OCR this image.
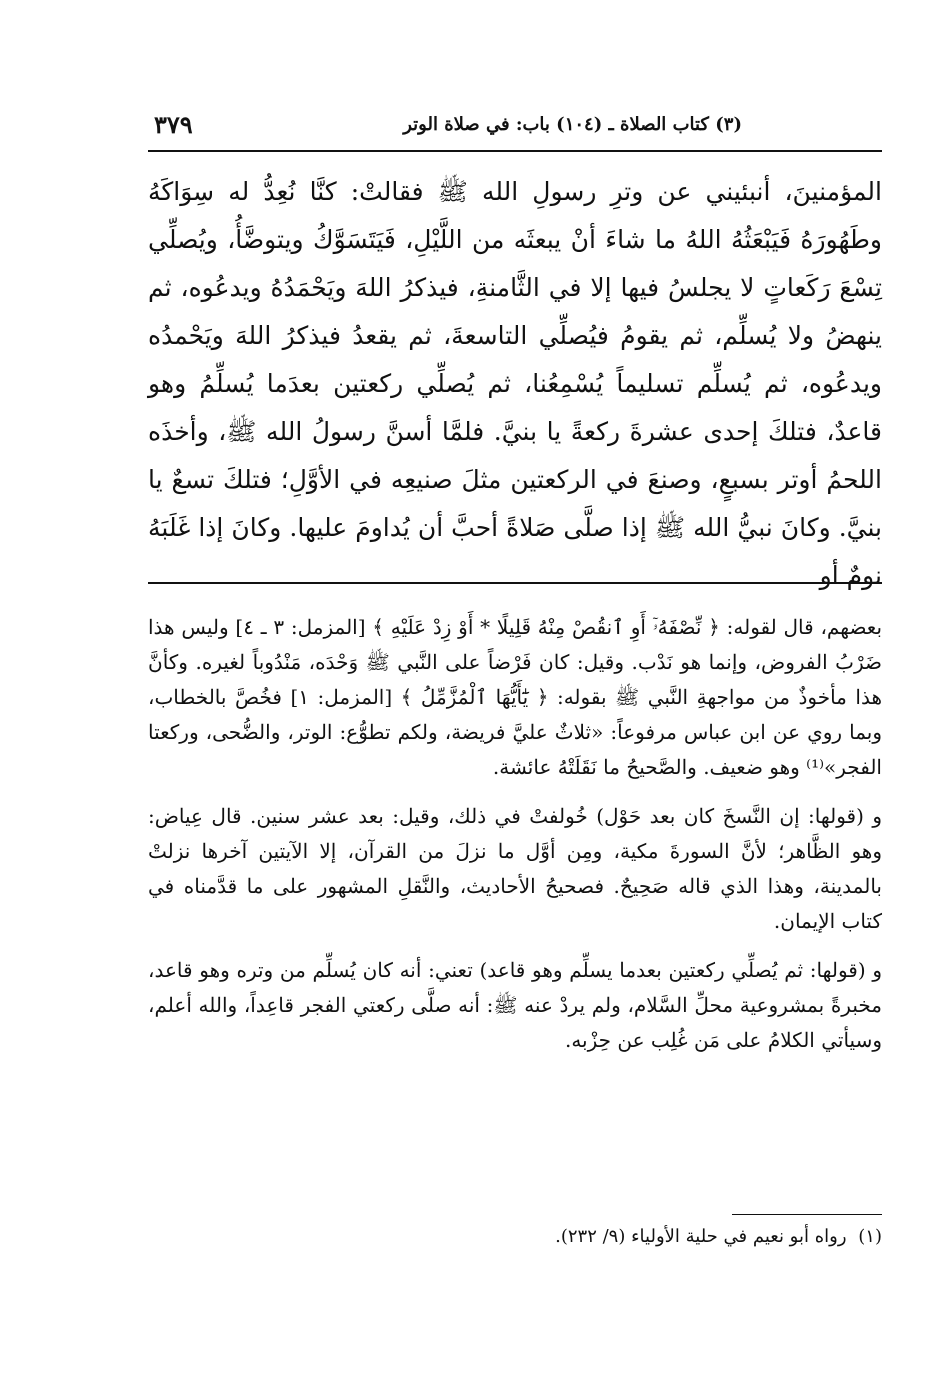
(٣) كتاب الصلاة ـ (١٠٤) باب: في صلاة الوتر
٣٧٩

المؤمنينَ، أنبئيني عن وترِ رسولِ الله ﷺ فقالتْ: كنَّا نُعِدُّ له سِوَاكَهُ وطَهُورَهُ فَيَبْعَثُهُ اللهُ ما شاءَ أنْ يبعثَه من اللَّيْلِ، فَيَتَسَوَّكُ ويتوضَّأُ، ويُصلِّي تِسْعَ رَكَعاتٍ لا يجلسُ فيها إلا في الثَّامنةِ، فيذكرُ اللهَ ويَحْمَدُهُ ويدعُوه، ثم ينهضُ ولا يُسلِّم، ثم يقومُ فيُصلِّي التاسعةَ، ثم يقعدُ فيذكرُ اللهَ ويَحْمدُه ويدعُوه، ثم يُسلِّم تسليماً يُسْمِعُنا، ثم يُصلِّي ركعتين بعدَما يُسلِّمُ وهو قاعدٌ، فتلكَ إحدى عشرةَ ركعةً يا بنيَّ. فلمَّا أسنَّ رسولُ الله ﷺ، وأخذَه اللحمُ أوتر بسبعٍ، وصنعَ في الركعتين مثلَ صنيعِه في الأوَّلِ؛ فتلكَ تسعٌ يا بنيَّ. وكانَ نبيُّ الله ﷺ إذا صلَّى صَلاةً أحبَّ أن يُداومَ عليها. وكانَ إذا غَلَبَهُ نومٌ أو

بعضهم، قال لقوله: ﴿ نِّصْفَهُۥٓ أَوِ ٱنقُصْ مِنْهُ قَلِيلًا * أَوْ زِدْ عَلَيْهِ ﴾ [المزمل: ٣ ـ ٤] وليس هذا ضَرْبُ الفروض، وإنما هو نَدْب. وقيل: كان فَرْضاً على النَّبي ﷺ وَحْدَه، مَنْدُوباً لغيره. وكأنَّ هذا مأخوذٌ من مواجهةِ النَّبي ﷺ بقوله: ﴿ يَٰٓأَيُّهَا ٱلْمُزَّمِّلُ ﴾ [المزمل: ١] فخُصَّ بالخطاب، وبما روي عن ابن عباس مرفوعاً: «ثلاثٌ عليَّ فريضة، ولكم تطوُّع: الوتر، والضُّحى، وركعتا الفجر»⁽¹⁾ وهو ضعيف. والصَّحيحُ ما نَقَلَتْهُ عائشة.

و (قولها: إن النَّسخَ كان بعد حَوْل) خُولفتْ في ذلك، وقيل: بعد عشر سنين. قال عِياض: وهو الظَّاهر؛ لأنَّ السورةَ مكية، ومِن أوَّل ما نزلَ من القرآن، إلا الآيتين آخرها نزلتْ بالمدينة، وهذا الذي قاله صَحِيحٌ. فصحيحُ الأحاديث، والنَّقلِ المشهور على ما قدَّمناه في كتاب الإيمان.

و (قولها: ثم يُصلِّي ركعتين بعدما يسلِّم وهو قاعد) تعني: أنه كان يُسلِّم من وتره وهو قاعد، مخبرةً بمشروعية محلِّ السَّلام، ولم يردْ عنه ﷺ: أنه صلَّى ركعتي الفجر قاعِداً، والله أعلم، وسيأتي الكلامُ على مَن غُلِب عن حِزْبه.

(١) رواه أبو نعيم في حلية الأولياء (٩/ ٢٣٢).
